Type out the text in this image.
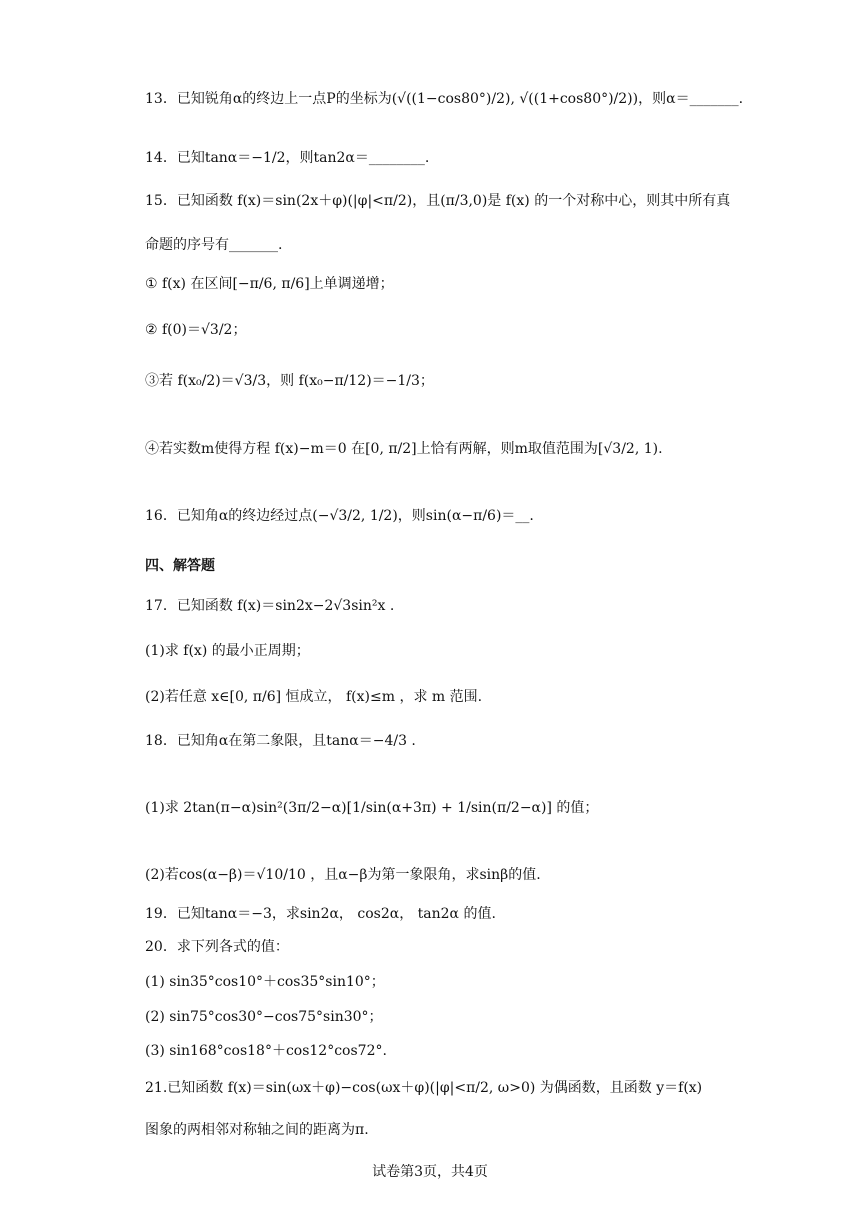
13．已知锐角α的终边上一点P的坐标为(√((1−cos80°)/2), √((1+cos80°)/2))，则α＝_______.
14．已知tanα＝−1/2，则tan2α＝________.
15．已知函数 f(x)＝sin(2x＋φ)(|φ|<π/2)，且(π/3,0)是 f(x) 的一个对称中心，则其中所有真
命题的序号有_______.
① f(x) 在区间[−π/6, π/6]上单调递增；
② f(0)＝√3/2；
③若 f(x₀/2)＝√3/3，则 f(x₀−π/12)＝−1/3；
④若实数m使得方程 f(x)−m＝0 在[0, π/2]上恰有两解，则m取值范围为[√3/2, 1).
16．已知角α的终边经过点(−√3/2, 1/2)，则sin(α−π/6)＝__.
四、解答题
17．已知函数 f(x)＝sin2x−2√3sin²x .
(1)求 f(x) 的最小正周期；
(2)若任意 x∈[0, π/6] 恒成立， f(x)≤m ，求 m 范围.
18．已知角α在第二象限，且tanα＝−4/3 .
(1)求 2tan(π−α)sin²(3π/2−α)[1/sin(α+3π) + 1/sin(π/2−α)] 的值；
(2)若cos(α−β)＝√10/10 ，且α−β为第一象限角，求sinβ的值.
19．已知tanα＝−3，求sin2α， cos2α， tan2α 的值.
20．求下列各式的值：
(1) sin35°cos10°＋cos35°sin10°；
(2) sin75°cos30°−cos75°sin30°；
(3) sin168°cos18°＋cos12°cos72°.
21.已知函数 f(x)＝sin(ωx＋φ)−cos(ωx＋φ)(|φ|<π/2, ω>0) 为偶函数，且函数 y＝f(x)
图象的两相邻对称轴之间的距离为π.
试卷第3页，共4页
